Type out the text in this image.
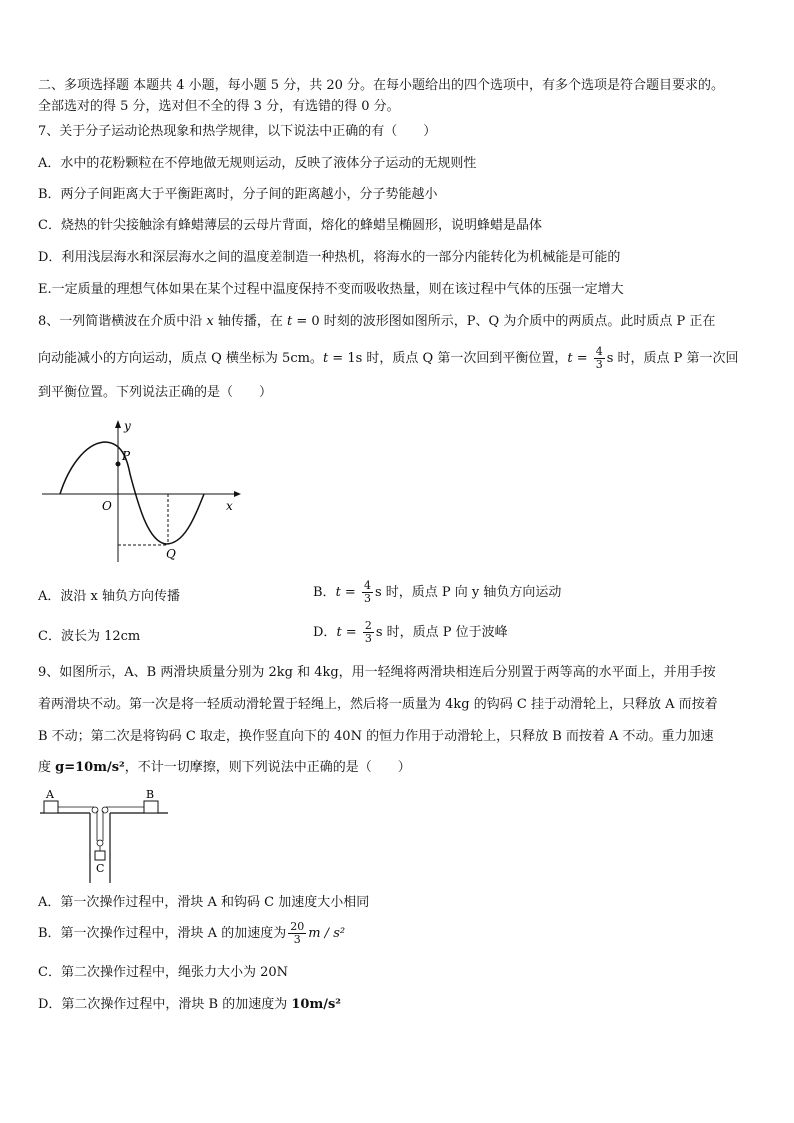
二、多项选择题 本题共 4 小题，每小题 5 分，共 20 分。在每小题给出的四个选项中，有多个选项是符合题目要求的。
全部选对的得 5 分，选对但不全的得 3 分，有选错的得 0 分。
7、关于分子运动论热现象和热学规律，以下说法中正确的有（　　）
A．水中的花粉颗粒在不停地做无规则运动，反映了液体分子运动的无规则性
B．两分子间距离大于平衡距离时，分子间的距离越小，分子势能越小
C．烧热的针尖接触涂有蜂蜡薄层的云母片背面，熔化的蜂蜡呈椭圆形，说明蜂蜡是晶体
D．利用浅层海水和深层海水之间的温度差制造一种热机，将海水的一部分内能转化为机械能是可能的
E.一定质量的理想气体如果在某个过程中温度保持不变而吸收热量，则在该过程中气体的压强一定增大
8、一列简谐横波在介质中沿 x 轴传播，在 t = 0 时刻的波形图如图所示，P、Q 为介质中的两质点。此时质点 P 正在
向动能减小的方向运动，质点 Q 横坐标为 5cm。t = 1s 时，质点 Q 第一次回到平衡位置，$t = \frac{4}{3}$ s 时，质点 P 第一次回
到平衡位置。下列说法正确的是（　　）
y
P
O	x
Q
A．波沿 x 轴负方向传播	B．$t = \frac{4}{3}$ s 时，质点 P 向 y 轴负方向运动
C．波长为 12cm	D．$t = \frac{2}{3}$ s 时，质点 P 位于波峰
9、如图所示，A、B 两滑块质量分别为 2kg 和 4kg，用一轻绳将两滑块相连后分别置于两等高的水平面上，并用手按
着两滑块不动。第一次是将一轻质动滑轮置于轻绳上，然后将一质量为 4kg 的钩码 C 挂于动滑轮上，只释放 A 而按着
B 不动；第二次是将钩码 C 取走，换作竖直向下的 40N 的恒力作用于动滑轮上，只释放 B 而按着 A 不动。重力加速
度 g=10m/s²，不计一切摩擦，则下列说法中正确的是（　　）
A	B
C
A．第一次操作过程中，滑块 A 和钩码 C 加速度大小相同
B．第一次操作过程中，滑块 A 的加速度为 $\frac{20}{3}$ m / s²
C．第二次操作过程中，绳张力大小为 20N
D．第二次操作过程中，滑块 B 的加速度为 10m/s²
